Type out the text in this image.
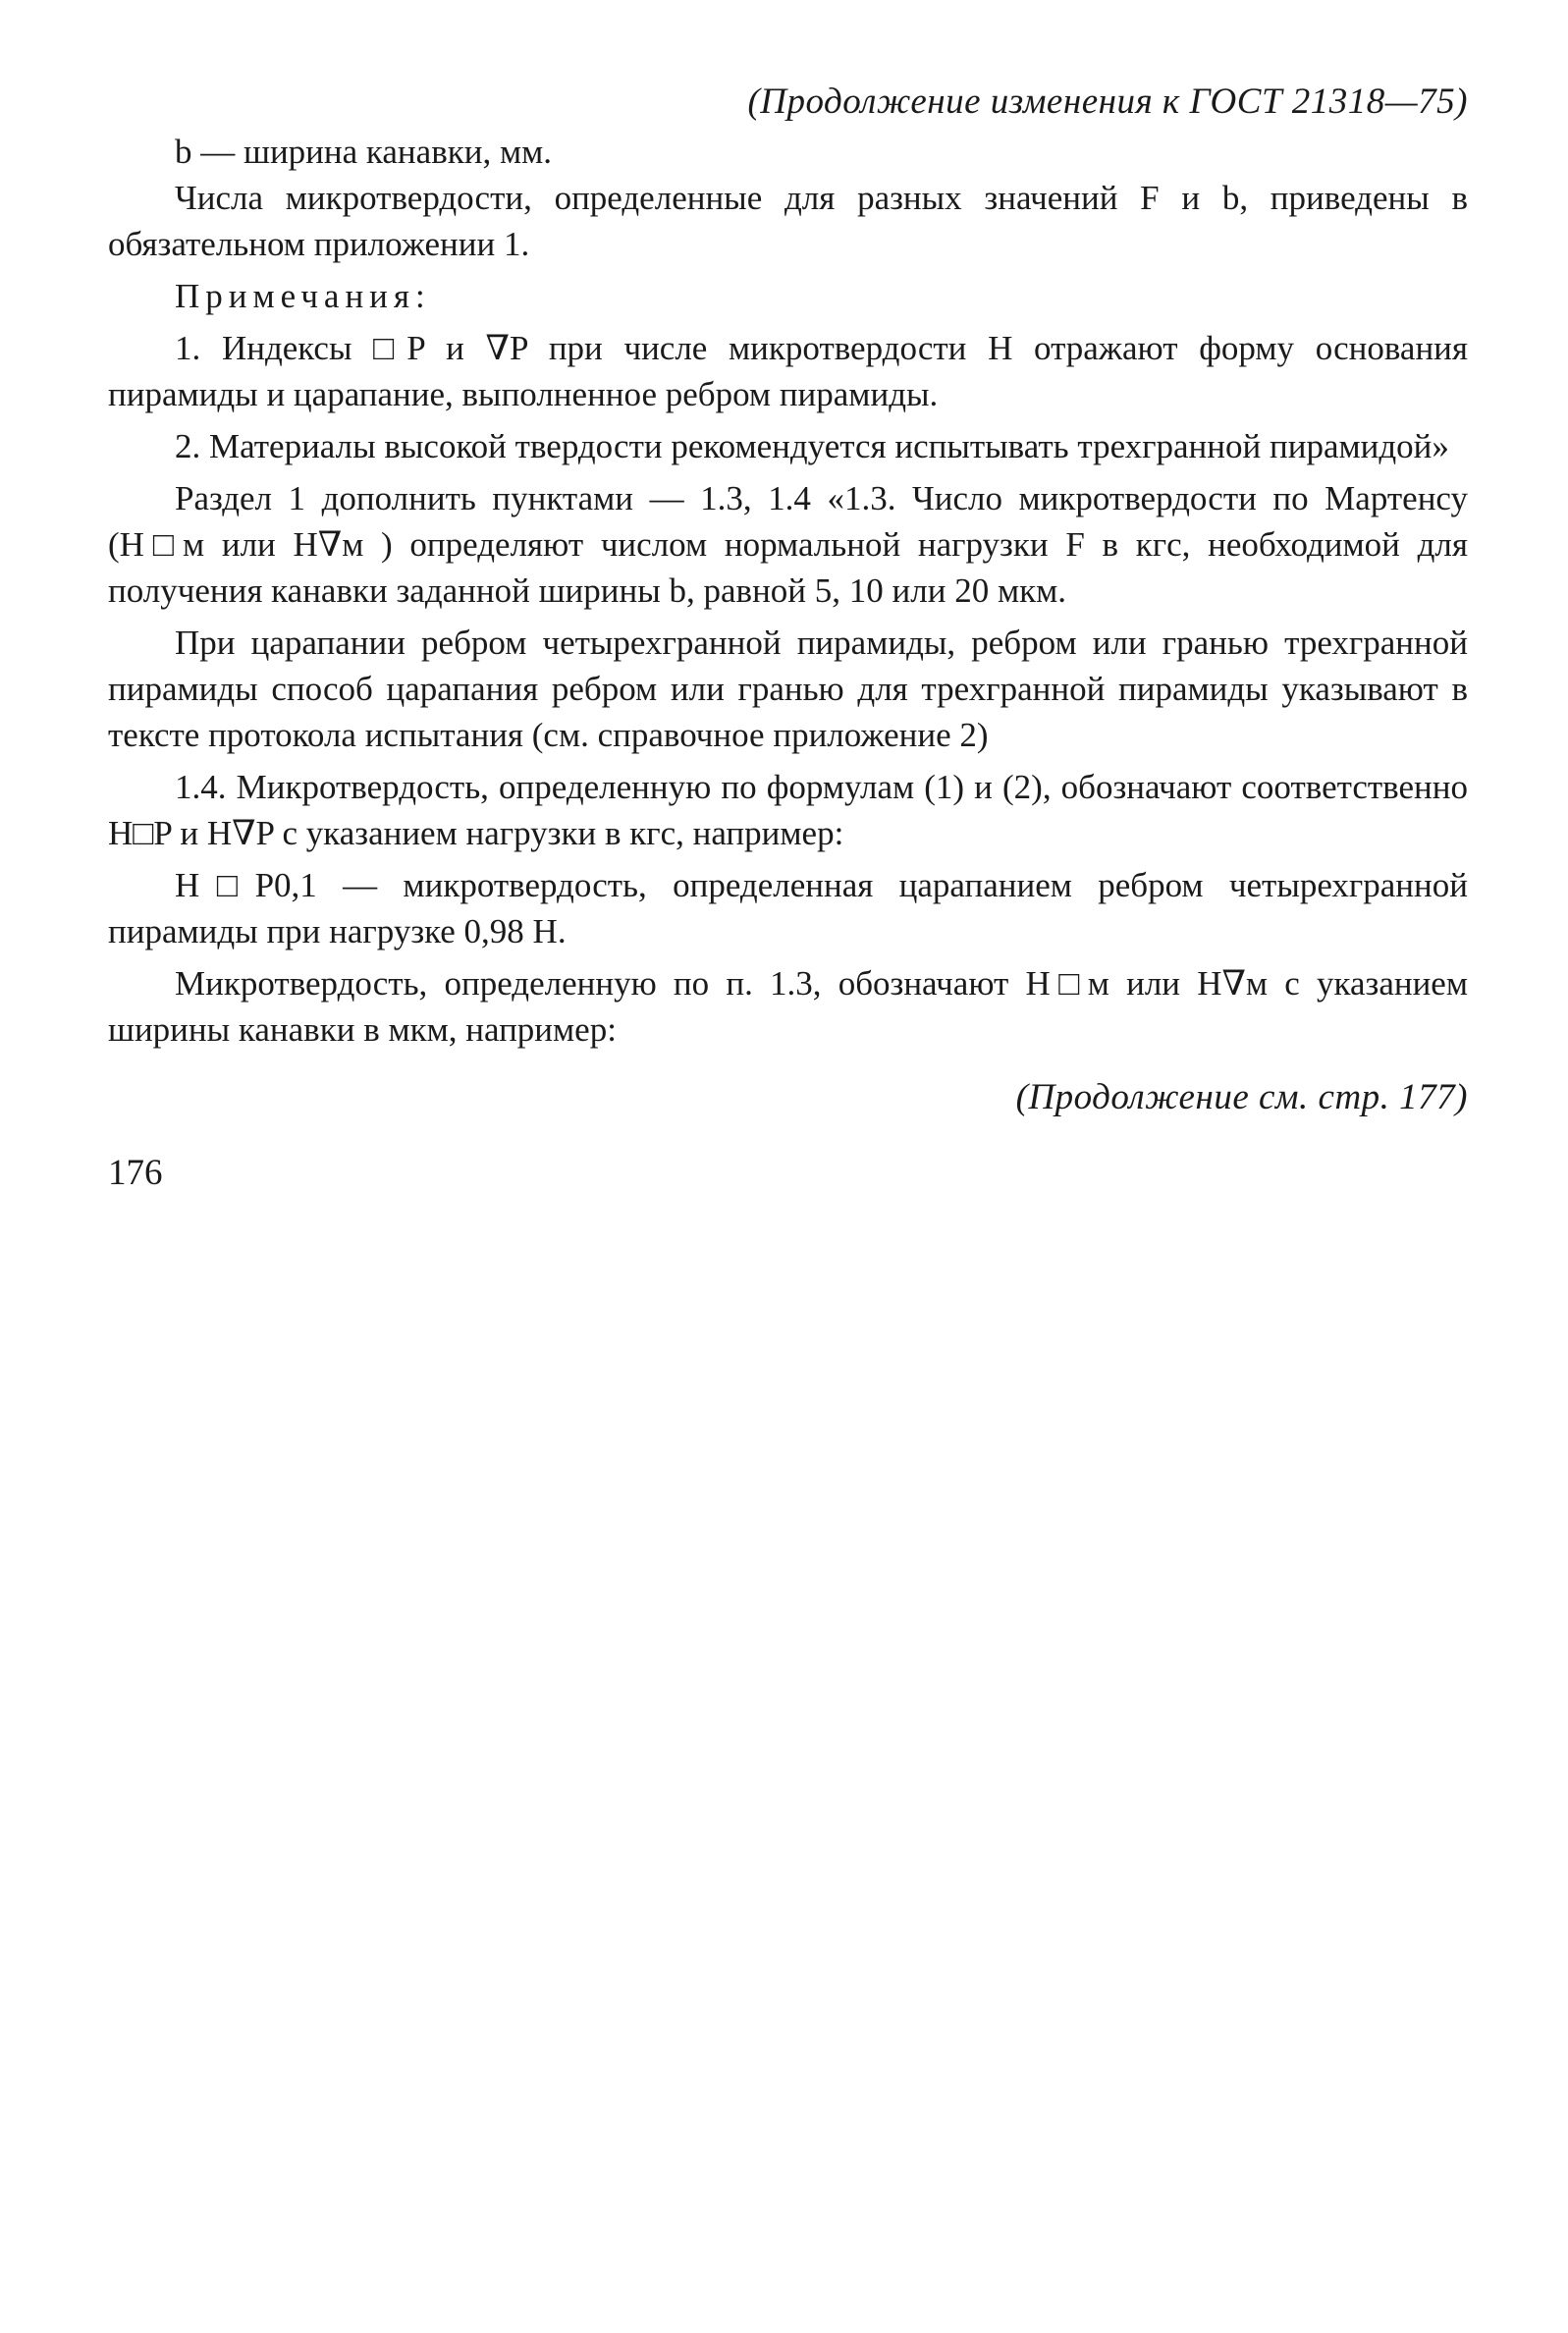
(Продолжение изменения к ГОСТ 21318—75)

b — ширина канавки, мм.

Числа микротвердости, определенные для разных значений F и b, приведены в обязательном приложении 1.

Примечания:

1. Индексы □P и ∇P при числе микротвердости H отражают форму основания пирамиды и царапание, выполненное ребром пирамиды.

2. Материалы высокой твердости рекомендуется испытывать трехгранной пирамидой»

Раздел 1 дополнить пунктами — 1.3, 1.4 «1.3. Число микротвердости по Мартенсу (H□м или H∇м ) определяют числом нормальной нагрузки F в кгс, необходимой для получения канавки заданной ширины b, равной 5, 10 или 20 мкм.

При царапании ребром четырехгранной пирамиды, ребром или гранью трехгранной пирамиды способ царапания ребром или гранью для трехгранной пирамиды указывают в тексте протокола испытания (см. справочное приложение 2)

1.4. Микротвердость, определенную по формулам (1) и (2), обозначают соответственно H□P и H∇P с указанием нагрузки в кгс, например:

H□P0,1 — микротвердость, определенная царапанием ребром четырехгранной пирамиды при нагрузке 0,98 Н.

Микротвердость, определенную по п. 1.3, обозначают H□м или H∇м с указанием ширины канавки в мкм, например:

(Продолжение см. стр. 177)
176
